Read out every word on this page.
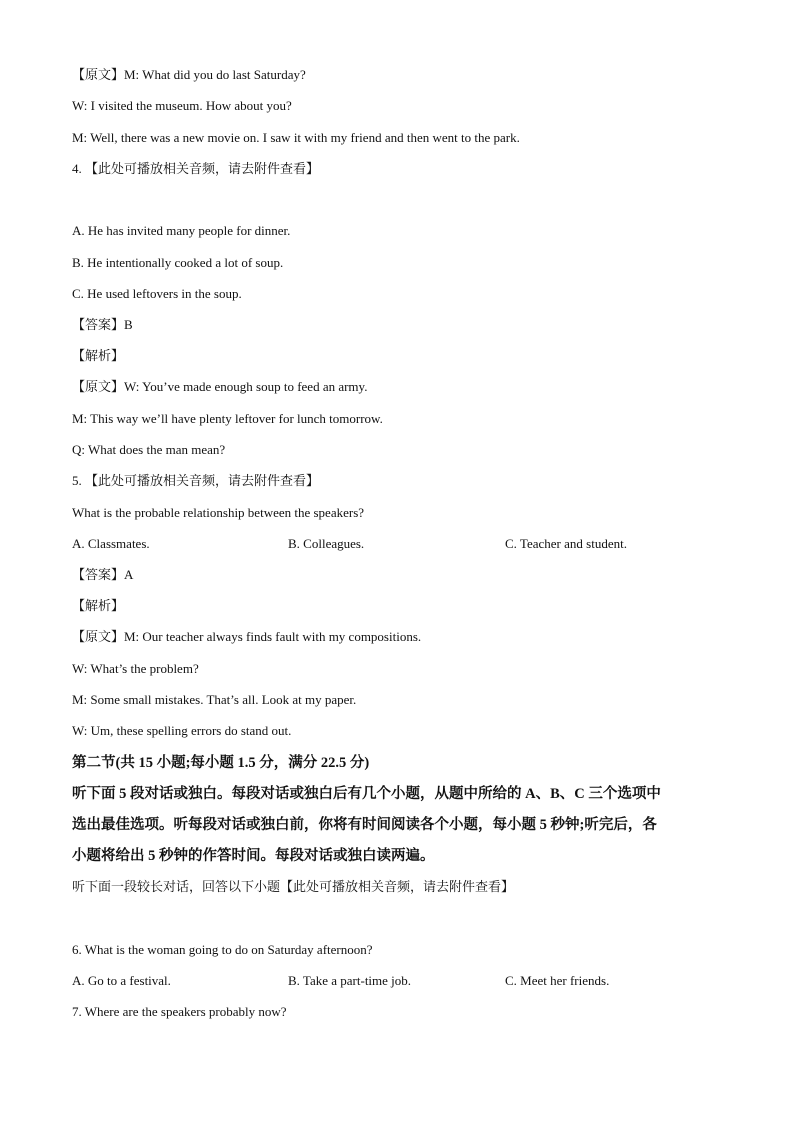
【原文】M: What did you do last Saturday?
W: I visited the museum. How about you?
M: Well, there was a new movie on. I saw it with my friend and then went to the park.
4. 【此处可播放相关音频，请去附件查看】
A. He has invited many people for dinner.
B. He intentionally cooked a lot of soup.
C. He used leftovers in the soup.
【答案】B
【解析】
【原文】W: You’ve made enough soup to feed an army.
M: This way we’ll have plenty leftover for lunch tomorrow.
Q: What does the man mean?
5. 【此处可播放相关音频，请去附件查看】
What is the probable relationship between the speakers?
A. Classmates.	B. Colleagues.	C. Teacher and student.
【答案】A
【解析】
【原文】M: Our teacher always finds fault with my compositions.
W: What’s the problem?
M: Some small mistakes. That’s all. Look at my paper.
W: Um, these spelling errors do stand out.
第二节(共 15 小题;每小题 1.5 分，满分 22.5 分)
听下面 5 段对话或独白。每段对话或独白后有几个小题，从题中所给的 A、B、C 三个选项中
选出最佳选项。听每段对话或独白前，你将有时间阅读各个小题，每小题 5 秒钟;听完后，各
小题将给出 5 秒钟的作答时间。每段对话或独白读两遍。
听下面一段较长对话，回答以下小题【此处可播放相关音频，请去附件查看】
6. What is the woman going to do on Saturday afternoon?
A. Go to a festival.	B. Take a part-time job.	C. Meet her friends.
7. Where are the speakers probably now?
